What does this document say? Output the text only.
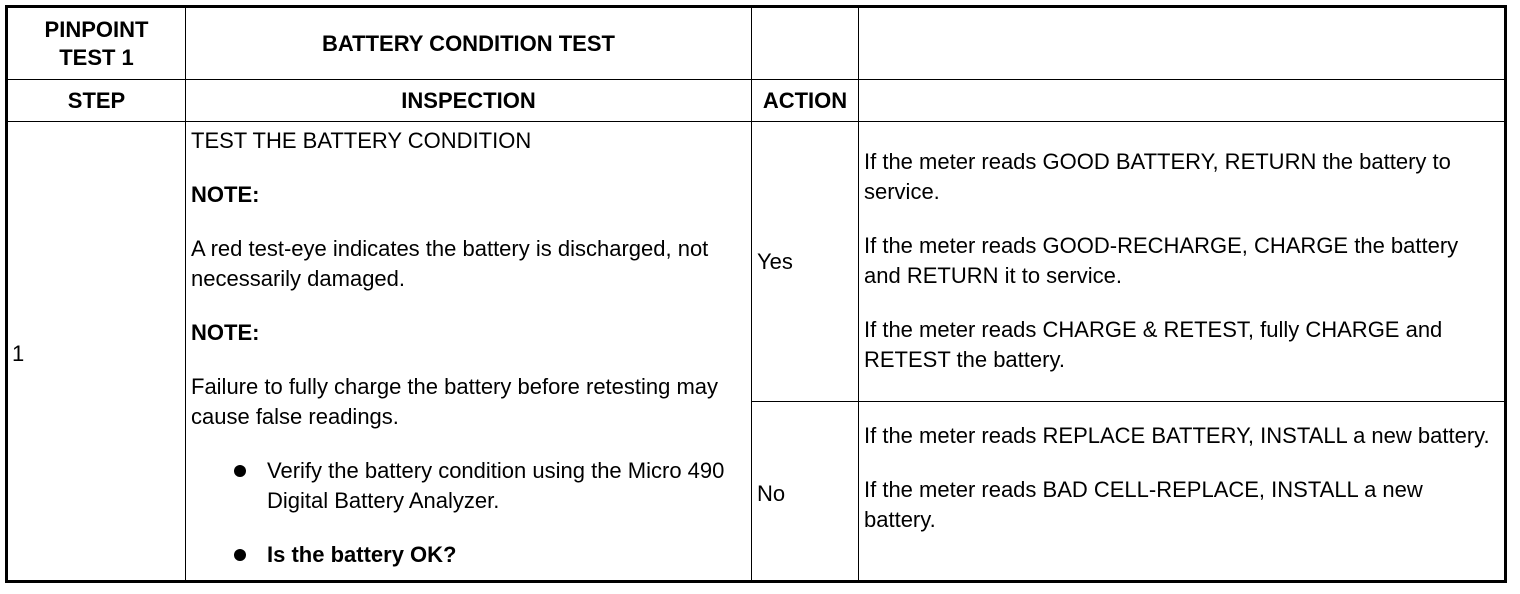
PINPOINT TEST 1
BATTERY CONDITION TEST
STEP	INSPECTION	ACTION
1

TEST THE BATTERY CONDITION

NOTE:

A red test-eye indicates the battery is discharged, not necessarily damaged.

NOTE:

Failure to fully charge the battery before retesting may cause false readings.

Verify the battery condition using the Micro 490 Digital Battery Analyzer.
Is the battery OK?
Yes
No

If the meter reads GOOD BATTERY, RETURN the battery to service.

If the meter reads GOOD-RECHARGE, CHARGE the battery and RETURN it to service.

If the meter reads CHARGE & RETEST, fully CHARGE and RETEST the battery.

If the meter reads REPLACE BATTERY, INSTALL a new battery.

If the meter reads BAD CELL-REPLACE, INSTALL a new battery.
